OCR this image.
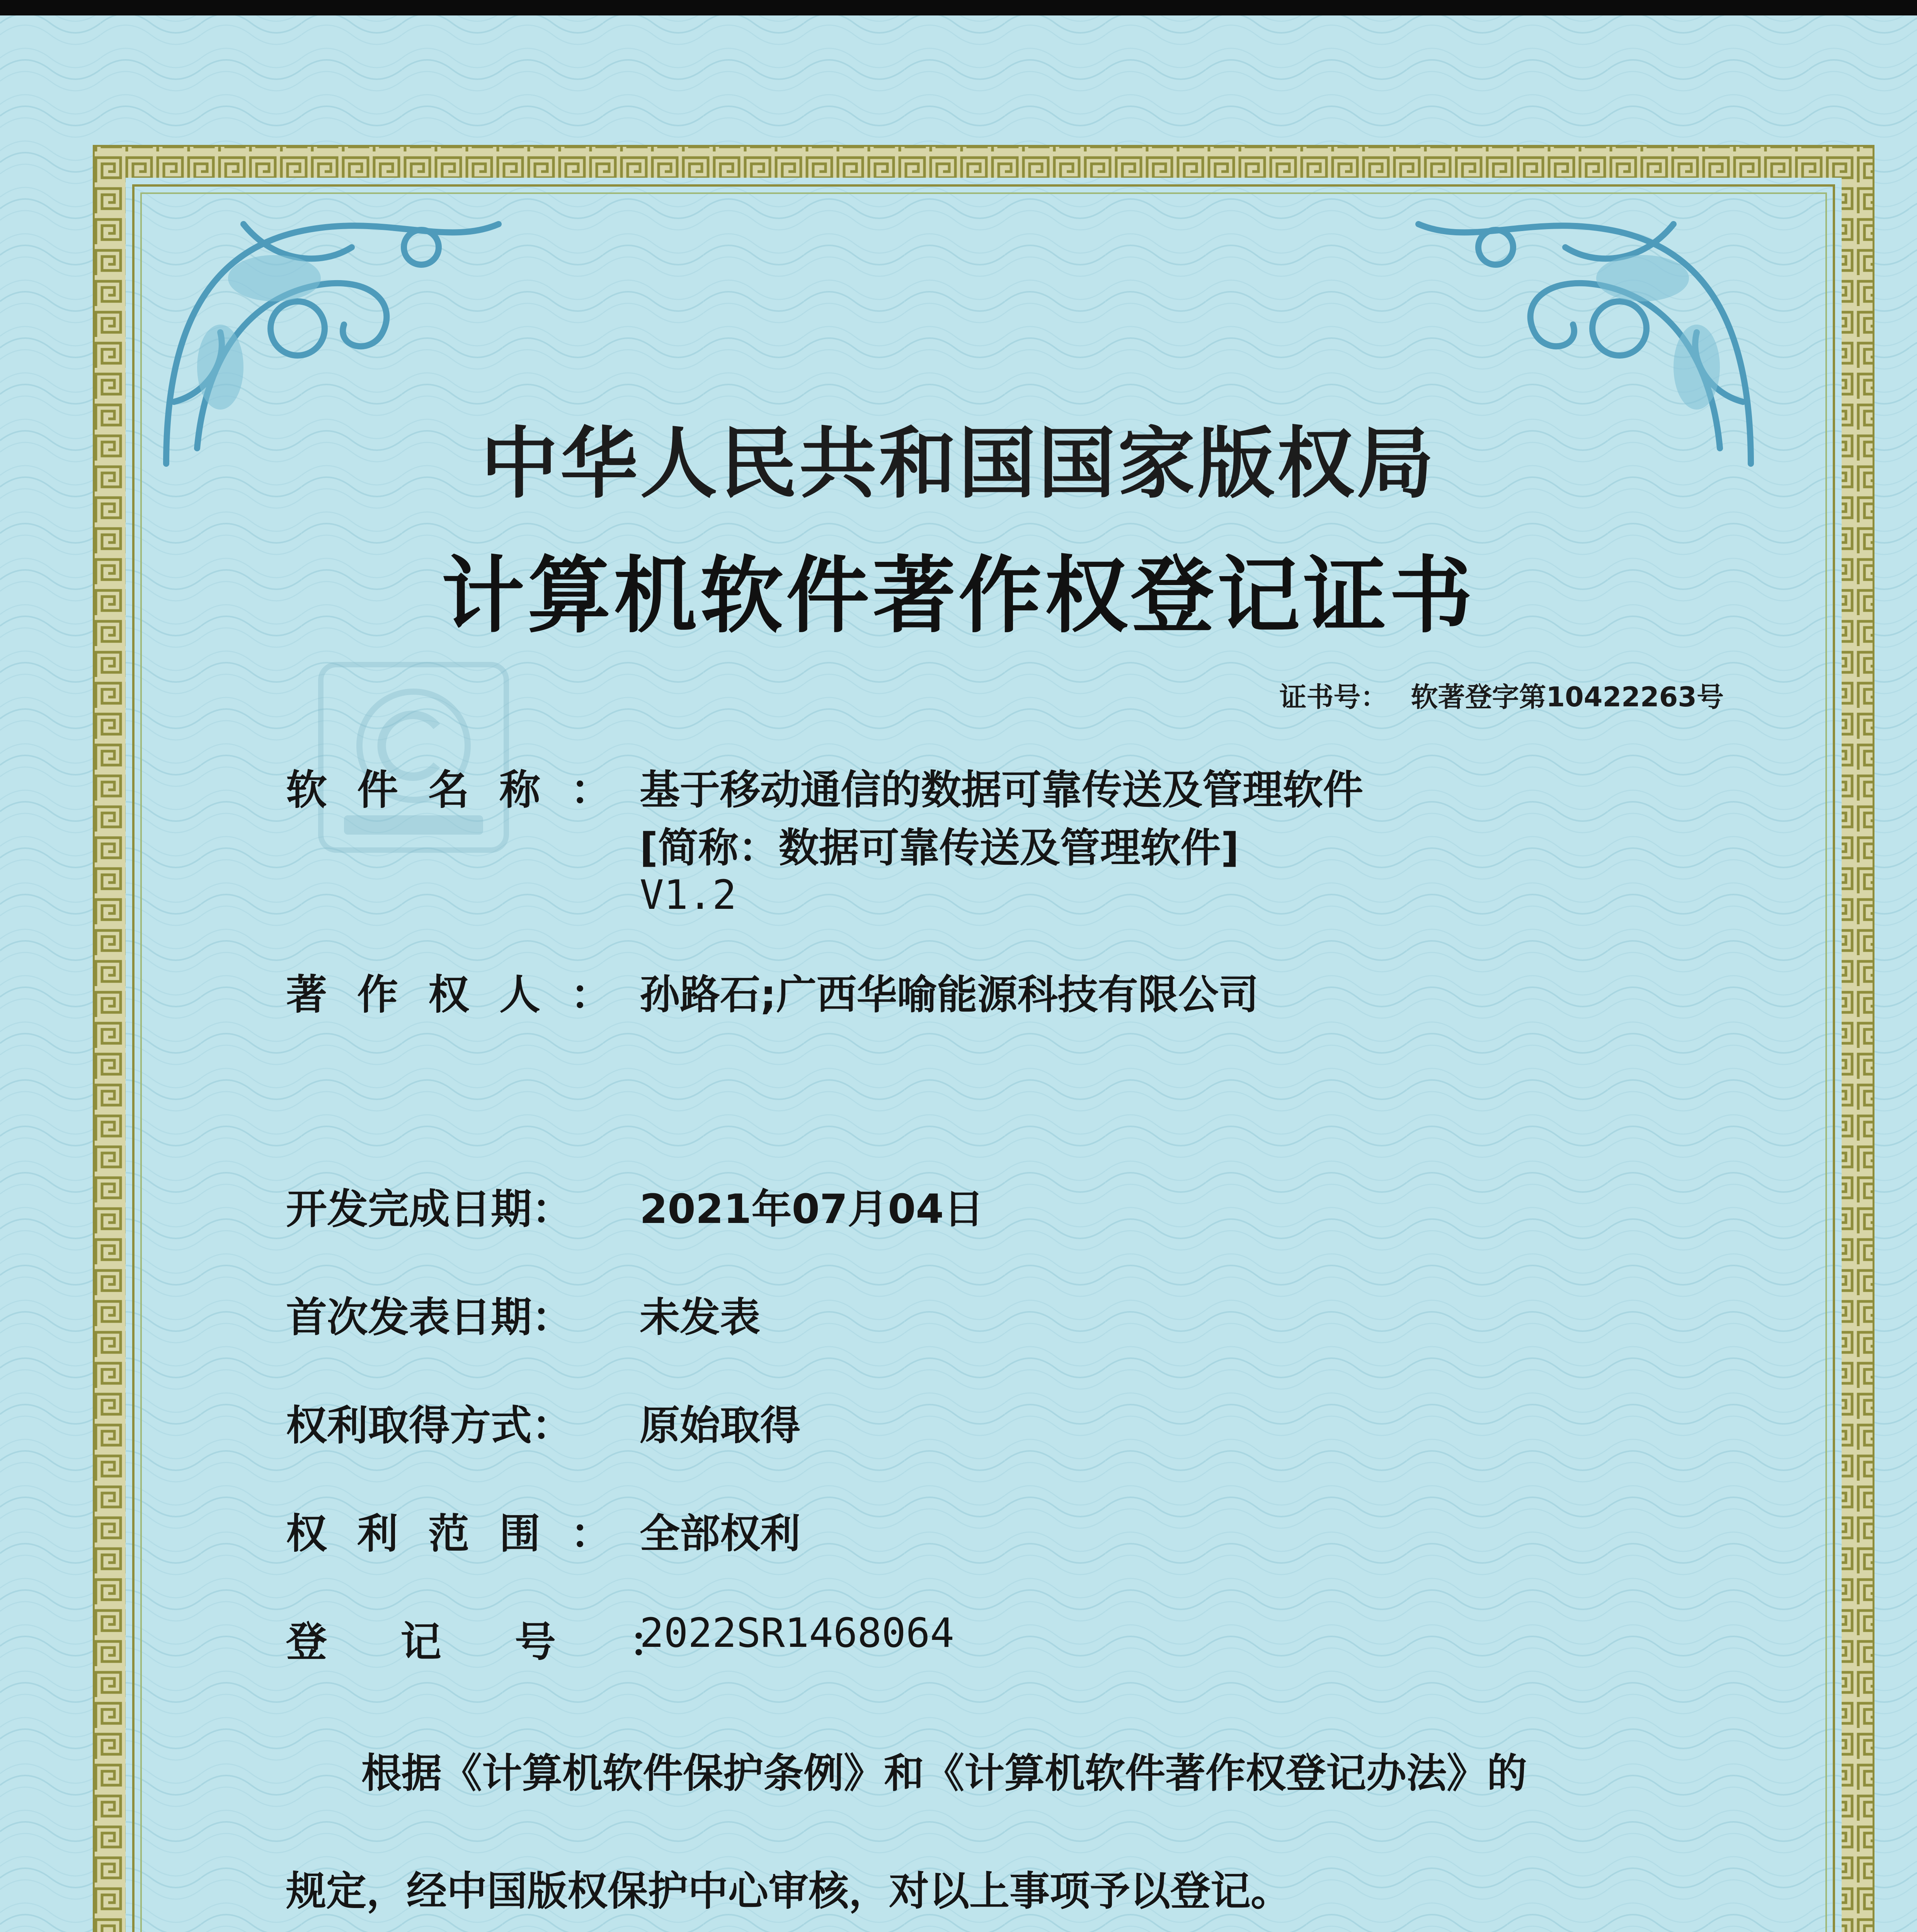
中华人民共和国国家版权局
计算机软件著作权登记证书
证书号： 软著登字第10422263号
软件名称：
基于移动通信的数据可靠传送及管理软件
[简称：数据可靠传送及管理软件]
V1.2
著作权人：
孙路石;广西华喻能源科技有限公司
开发完成日期： 2021年07月04日
首次发表日期： 未发表
权利取得方式： 原始取得
权利范围：
全部权利
登记号：
2022SR1468064
根据《计算机软件保护条例》和《计算机软件著作权登记办法》的
规定，经中国版权保护中心审核，对以上事项予以登记。
